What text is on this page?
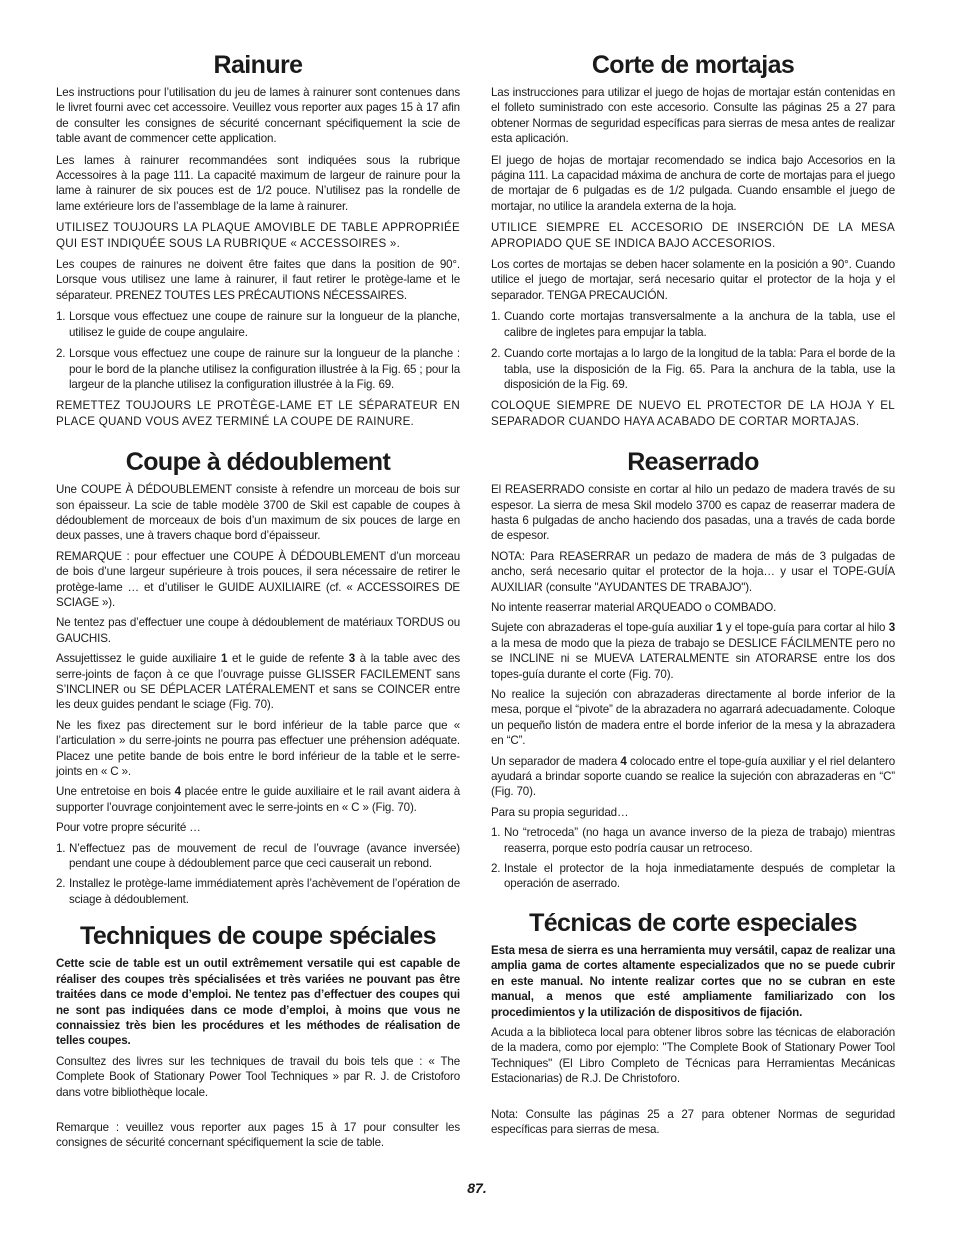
Rainure

Les instructions pour l’utilisation du jeu de lames à rainurer sont contenues dans le livret fourni avec cet accessoire. Veuillez vous reporter aux pages 15 à 17 afin de consulter les consignes de sécurité concernant spécifiquement la scie de table avant de commencer cette application.

Les lames à rainurer recommandées sont indiquées sous la rubrique Accessoires à la page 111. La capacité maximum de largeur de rainure pour la lame à rainurer de six pouces est de 1/2 pouce. N’utilisez pas la rondelle de lame extérieure lors de l’assemblage de la lame à rainurer.

UTILISEZ TOUJOURS LA PLAQUE AMOVIBLE DE TABLE APPROPRIÉE QUI EST INDIQUÉE SOUS LA RUBRIQUE « ACCESSOIRES ».

Les coupes de rainures ne doivent être faites que dans la position de 90°. Lorsque vous utilisez une lame à rainurer, il faut retirer le protège-lame et le séparateur. PRENEZ TOUTES LES PRÉCAUTIONS NÉCESSAIRES.

1. Lorsque vous effectuez une coupe de rainure sur la longueur de la planche, utilisez le guide de coupe angulaire.
2. Lorsque vous effectuez une coupe de rainure sur la longueur de la planche : pour le bord de la planche utilisez la configuration illustrée à la Fig. 65 ; pour la largeur de la planche utilisez la configuration illustrée à la Fig. 69.

REMETTEZ TOUJOURS LE PROTÈGE-LAME ET LE SÉPARATEUR EN PLACE QUAND VOUS AVEZ TERMINÉ LA COUPE DE RAINURE.

Coupe à dédoublement

Une COUPE À DÉDOUBLEMENT consiste à refendre un morceau de bois sur son épaisseur. La scie de table modèle 3700 de Skil est capable de coupes à dédoublement de morceaux de bois d’un maximum de six pouces de large en deux passes, une à travers chaque bord d’épaisseur.

REMARQUE : pour effectuer une COUPE À DÉDOUBLEMENT d’un morceau de bois d’une largeur supérieure à trois pouces, il sera nécessaire de retirer le protège-lame … et d’utiliser le GUIDE AUXILIAIRE (cf. « ACCESSOIRES DE SCIAGE »).

Ne tentez pas d’effectuer une coupe à dédoublement de matériaux TORDUS ou GAUCHIS.

Assujettissez le guide auxiliaire 1 et le guide de refente 3 à la table avec des serre-joints de façon à ce que l’ouvrage puisse GLISSER FACILEMENT sans S’INCLINER ou SE DÉPLACER LATÉRALEMENT et sans se COINCER entre les deux guides pendant le sciage (Fig. 70).

Ne les fixez pas directement sur le bord inférieur de la table parce que « l’articulation » du serre-joints ne pourra pas effectuer une préhension adéquate. Placez une petite bande de bois entre le bord inférieur de la table et le serre-joints en « C ».

Une entretoise en bois 4 placée entre le guide auxiliaire et le rail avant aidera à supporter l’ouvrage conjointement avec le serre-joints en « C » (Fig. 70).

Pour votre propre sécurité …

1. N’effectuez pas de mouvement de recul de l’ouvrage (avance inversée) pendant une coupe à dédoublement parce que ceci causerait un rebond.
2. Installez le protège-lame immédiatement après l’achèvement de l’opération de sciage à dédoublement.
Techniques de coupe spéciales

Cette scie de table est un outil extrêmement versatile qui est capable de réaliser des coupes très spécialisées et très variées ne pouvant pas être traitées dans ce mode d’emploi. Ne tentez pas d’effectuer des coupes qui ne sont pas indiquées dans ce mode d’emploi, à moins que vous ne connaissiez très bien les procédures et les méthodes de réalisation de telles coupes.

Consultez des livres sur les techniques de travail du bois tels que : « The Complete Book of Stationary Power Tool Techniques » par R. J. de Cristoforo dans votre bibliothèque locale.

Remarque : veuillez vous reporter aux pages 15 à 17 pour consulter les consignes de sécurité concernant spécifiquement la scie de table.

Corte de mortajas

Las instrucciones para utilizar el juego de hojas de mortajar están contenidas en el folleto suministrado con este accesorio. Consulte las páginas 25 a 27 para obtener Normas de seguridad específicas para sierras de mesa antes de realizar esta aplicación.

El juego de hojas de mortajar recomendado se indica bajo Accesorios en la página 111. La capacidad máxima de anchura de corte de mortajas para el juego de mortajar de 6 pulgadas es de 1/2 pulgada. Cuando ensamble el juego de mortajar, no utilice la arandela externa de la hoja.

UTILICE SIEMPRE EL ACCESORIO DE INSERCIÓN DE LA MESA APROPIADO QUE SE INDICA BAJO ACCESORIOS.

Los cortes de mortajas se deben hacer solamente en la posición a 90°. Cuando utilice el juego de mortajar, será necesario quitar el protector de la hoja y el separador. TENGA PRECAUCIÓN.

1. Cuando corte mortajas transversalmente a la anchura de la tabla, use el calibre de ingletes para empujar la tabla.
2. Cuando corte mortajas a lo largo de la longitud de la tabla: Para el borde de la tabla, use la disposición de la Fig. 65. Para la anchura de la tabla, use la disposición de la Fig. 69.

COLOQUE SIEMPRE DE NUEVO EL PROTECTOR DE LA HOJA Y EL SEPARADOR CUANDO HAYA ACABADO DE CORTAR MORTAJAS.

Reaserrado

El REASERRADO consiste en cortar al hilo un pedazo de madera través de su espesor. La sierra de mesa Skil modelo 3700 es capaz de reaserrar madera de hasta 6 pulgadas de ancho haciendo dos pasadas, una a través de cada borde de espesor.

NOTA: Para REASERRAR un pedazo de madera de más de 3 pulgadas de ancho, será necesario quitar el protector de la hoja… y usar el TOPE-GUÍA AUXILIAR (consulte "AYUDANTES DE TRABAJO").

No intente reaserrar material ARQUEADO o COMBADO.

Sujete con abrazaderas el tope-guía auxiliar 1 y el tope-guía para cortar al hilo 3 a la mesa de modo que la pieza de trabajo se DESLICE FÁCILMENTE pero no se INCLINE ni se MUEVA LATERALMENTE sin ATORARSE entre los dos topes-guía durante el corte (Fig. 70).

No realice la sujeción con abrazaderas directamente al borde inferior de la mesa, porque el “pivote” de la abrazadera no agarrará adecuadamente. Coloque un pequeño listón de madera entre el borde inferior de la mesa y la abrazadera en “C”.

Un separador de madera 4 colocado entre el tope-guía auxiliar y el riel delantero ayudará a brindar soporte cuando se realice la sujeción con abrazaderas en “C” (Fig. 70).

Para su propia seguridad…

1. No “retroceda” (no haga un avance inverso de la pieza de trabajo) mientras reaserra, porque esto podría causar un retroceso.
2. Instale el protector de la hoja inmediatamente después de completar la operación de aserrado.
Técnicas de corte especiales

Esta mesa de sierra es una herramienta muy versátil, capaz de realizar una amplia gama de cortes altamente especializados que no se puede cubrir en este manual. No intente realizar cortes que no se cubran en este manual, a menos que esté ampliamente familiarizado con los procedimientos y la utilización de dispositivos de fijación.

Acuda a la biblioteca local para obtener libros sobre las técnicas de elaboración de la madera, como por ejemplo: "The Complete Book of Stationary Power Tool Techniques" (El Libro Completo de Técnicas para Herramientas Mecánicas Estacionarias) de R.J. De Christoforo.

Nota: Consulte las páginas 25 a 27 para obtener Normas de seguridad específicas para sierras de mesa.

87.
